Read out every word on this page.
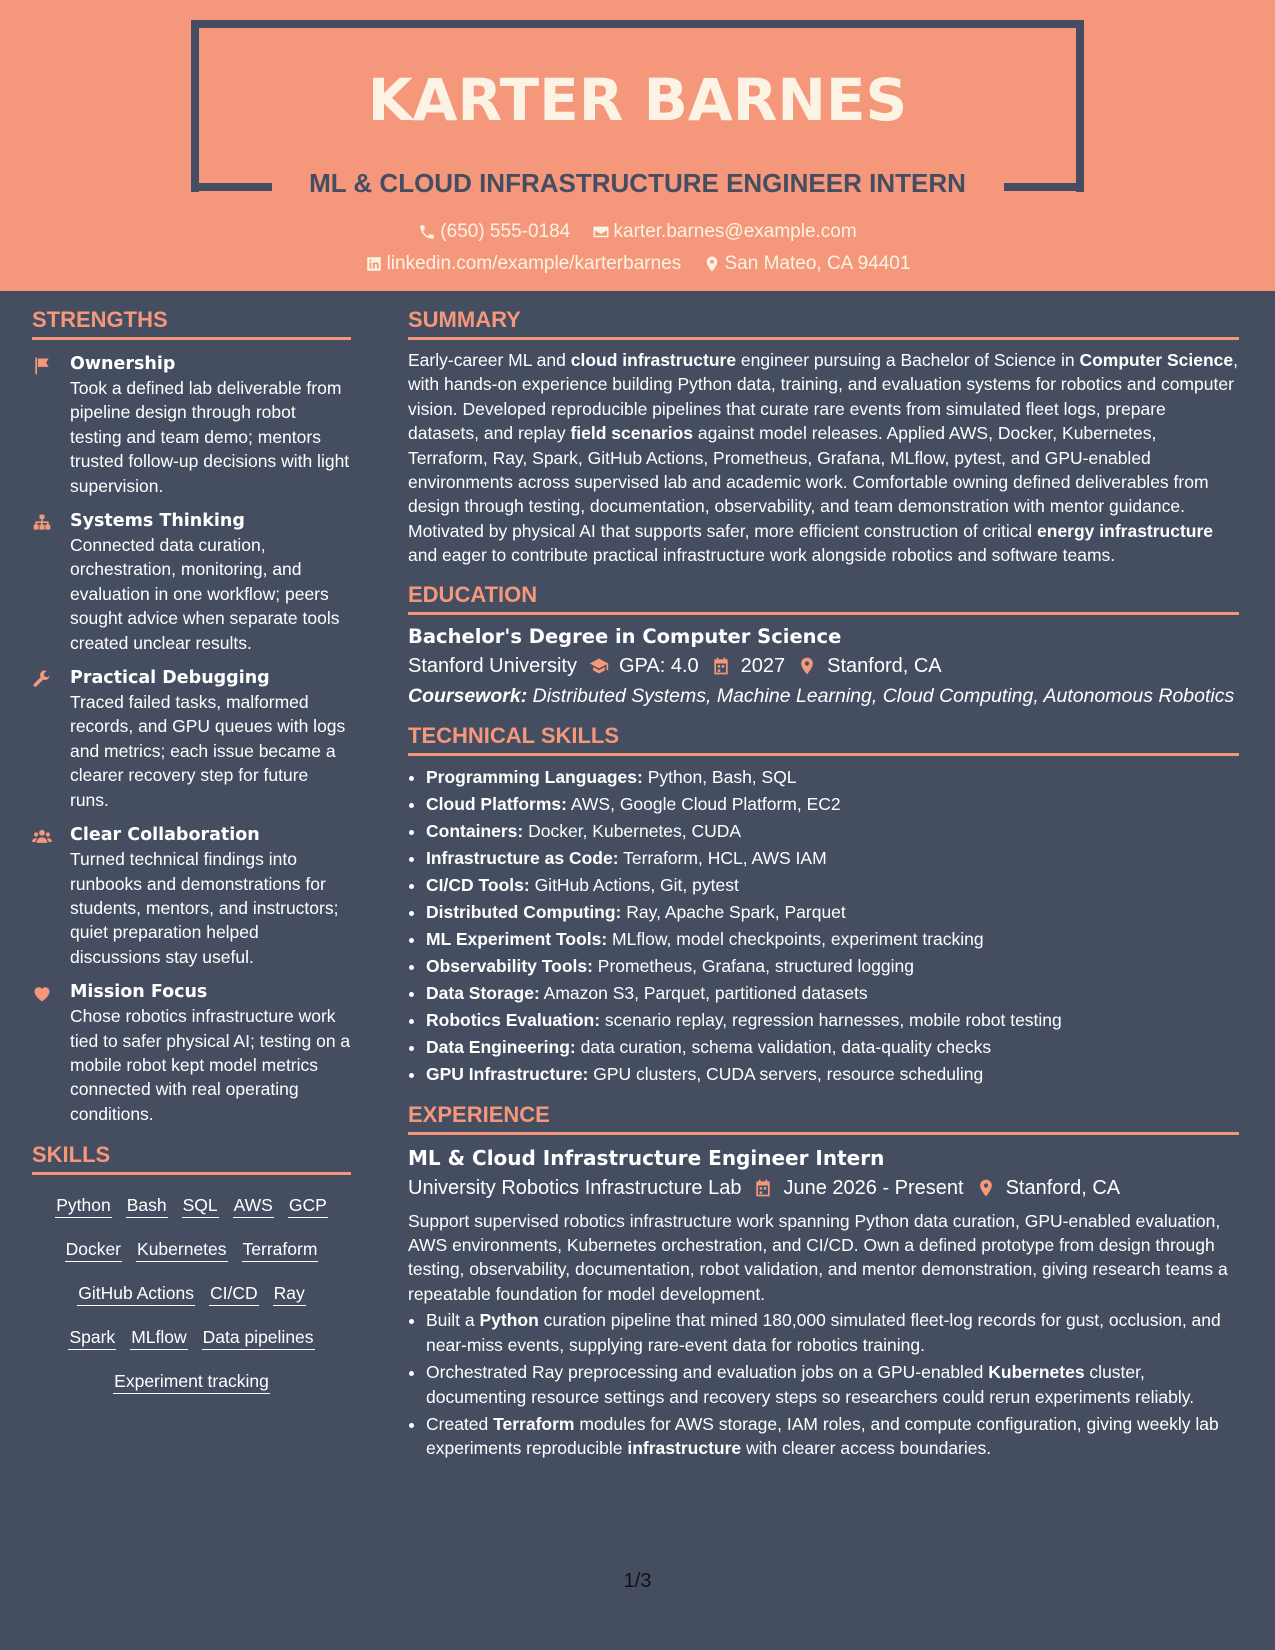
KARTER BARNES
ML & CLOUD INFRASTRUCTURE ENGINEER INTERN
(650) 555-0184
karter.barnes@example.com
linkedin.com/example/karterbarnes
San Mateo, CA 94401
STRENGTHS
Ownership
Took a defined lab deliverable from pipeline design through robot testing and team demo; mentors trusted follow-up decisions with light supervision.
Systems Thinking
Connected data curation, orchestration, monitoring, and evaluation in one workflow; peers sought advice when separate tools created unclear results.
Practical Debugging
Traced failed tasks, malformed records, and GPU queues with logs and metrics; each issue became a clearer recovery step for future runs.
Clear Collaboration
Turned technical findings into runbooks and demonstrations for students, mentors, and instructors; quiet preparation helped discussions stay useful.
Mission Focus
Chose robotics infrastructure work tied to safer physical AI; testing on a mobile robot kept model metrics connected with real operating conditions.
SKILLS
Python Bash SQL AWS GCP
Docker Kubernetes Terraform
GitHub Actions CI/CD Ray
Spark MLflow Data pipelines
Experiment tracking
SUMMARY

Early-career ML and cloud infrastructure engineer pursuing a Bachelor of Science in Computer Science, with hands-on experience building Python data, training, and evaluation systems for robotics and computer vision. Developed reproducible pipelines that curate rare events from simulated fleet logs, prepare datasets, and replay field scenarios against model releases. Applied AWS, Docker, Kubernetes, Terraform, Ray, Spark, GitHub Actions, Prometheus, Grafana, MLflow, pytest, and GPU-enabled environments across supervised lab and academic work. Comfortable owning defined deliverables from design through testing, documentation, observability, and team demonstration with mentor guidance. Motivated by physical AI that supports safer, more efficient construction of critical energy infrastructure and eager to contribute practical infrastructure work alongside robotics and software teams.

EDUCATION
Bachelor's Degree in Computer Science
Stanford University GPA: 4.0 2027 Stanford, CA
Coursework: Distributed Systems, Machine Learning, Cloud Computing, Autonomous Robotics
TECHNICAL SKILLS
• Programming Languages: Python, Bash, SQL
• Cloud Platforms: AWS, Google Cloud Platform, EC2
• Containers: Docker, Kubernetes, CUDA
• Infrastructure as Code: Terraform, HCL, AWS IAM
• CI/CD Tools: GitHub Actions, Git, pytest
• Distributed Computing: Ray, Apache Spark, Parquet
• ML Experiment Tools: MLflow, model checkpoints, experiment tracking
• Observability Tools: Prometheus, Grafana, structured logging
• Data Storage: Amazon S3, Parquet, partitioned datasets
• Robotics Evaluation: scenario replay, regression harnesses, mobile robot testing
• Data Engineering: data curation, schema validation, data-quality checks
• GPU Infrastructure: GPU clusters, CUDA servers, resource scheduling
EXPERIENCE
ML & Cloud Infrastructure Engineer Intern
University Robotics Infrastructure Lab June 2026 - Present Stanford, CA

Support supervised robotics infrastructure work spanning Python data curation, GPU-enabled evaluation, AWS environments, Kubernetes orchestration, and CI/CD. Own a defined prototype from design through testing, observability, documentation, robot validation, and mentor demonstration, giving research teams a repeatable foundation for model development.

• Built a Python curation pipeline that mined 180,000 simulated fleet-log records for gust, occlusion, and near-miss events, supplying rare-event data for robotics training.
• Orchestrated Ray preprocessing and evaluation jobs on a GPU-enabled Kubernetes cluster, documenting resource settings and recovery steps so researchers could rerun experiments reliably.
• Created Terraform modules for AWS storage, IAM roles, and compute configuration, giving weekly lab experiments reproducible infrastructure with clearer access boundaries.
1/3
